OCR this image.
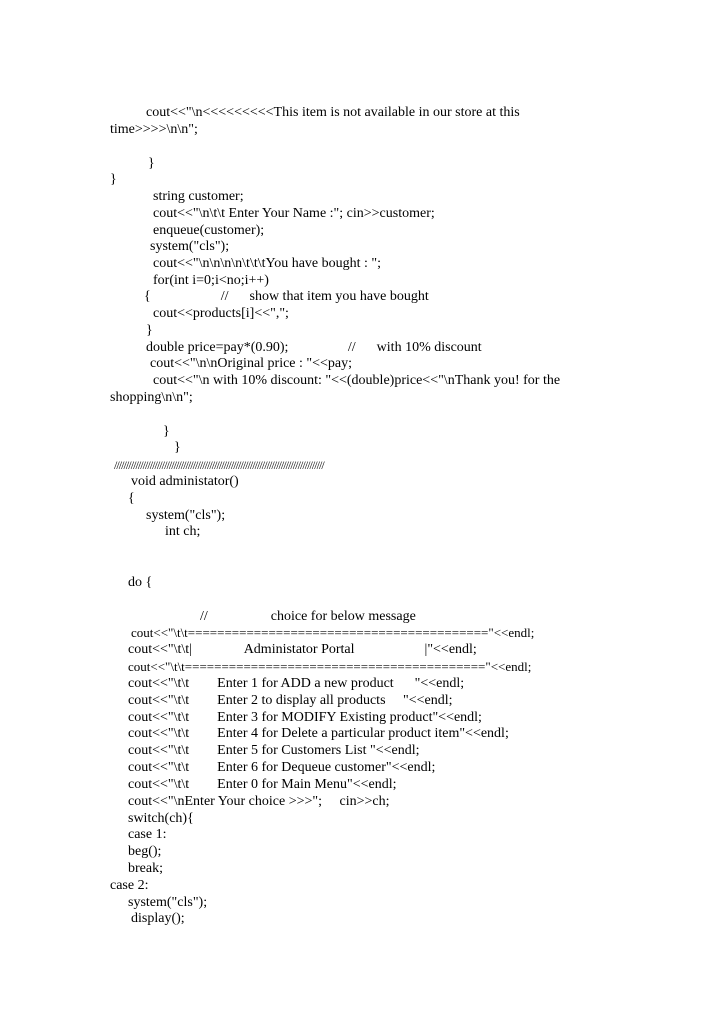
cout<<"\n<<<<<<<<<This item is not available in our store at this
time>>>>\n\n";
}
}
string customer;
cout<<"\n\t\t Enter Your Name :"; cin>>customer;
enqueue(customer);
system("cls");
cout<<"\n\n\n\n\t\t\tYou have bought : ";
for(int i=0;i<no;i++)
{                    //      show that item you have bought
cout<<products[i]<<",";
}
double price=pay*(0.90);                 //      with 10% discount
cout<<"\n\nOriginal price : "<<pay;
cout<<"\n with 10% discount: "<<(double)price<<"\nThank you! for the
shopping\n\n";
}
}
////////////////////////////////////////////////////////////////////////////////////////
void administator()
{
system("cls");
int ch;
do {
//                  choice for below message
cout<<"\t\t========================================="<<endl;
cout<<"\t\t|               Administator Portal                    |"<<endl;
cout<<"\t\t========================================="<<endl;
cout<<"\t\t        Enter 1 for ADD a new product      "<<endl;
cout<<"\t\t        Enter 2 to display all products     "<<endl;
cout<<"\t\t        Enter 3 for MODIFY Existing product"<<endl;
cout<<"\t\t        Enter 4 for Delete a particular product item"<<endl;
cout<<"\t\t        Enter 5 for Customers List "<<endl;
cout<<"\t\t        Enter 6 for Dequeue customer"<<endl;
cout<<"\t\t        Enter 0 for Main Menu"<<endl;
cout<<"\nEnter Your choice >>>";     cin>>ch;
switch(ch){
case 1:
beg();
break;
case 2:
system("cls");
display();
